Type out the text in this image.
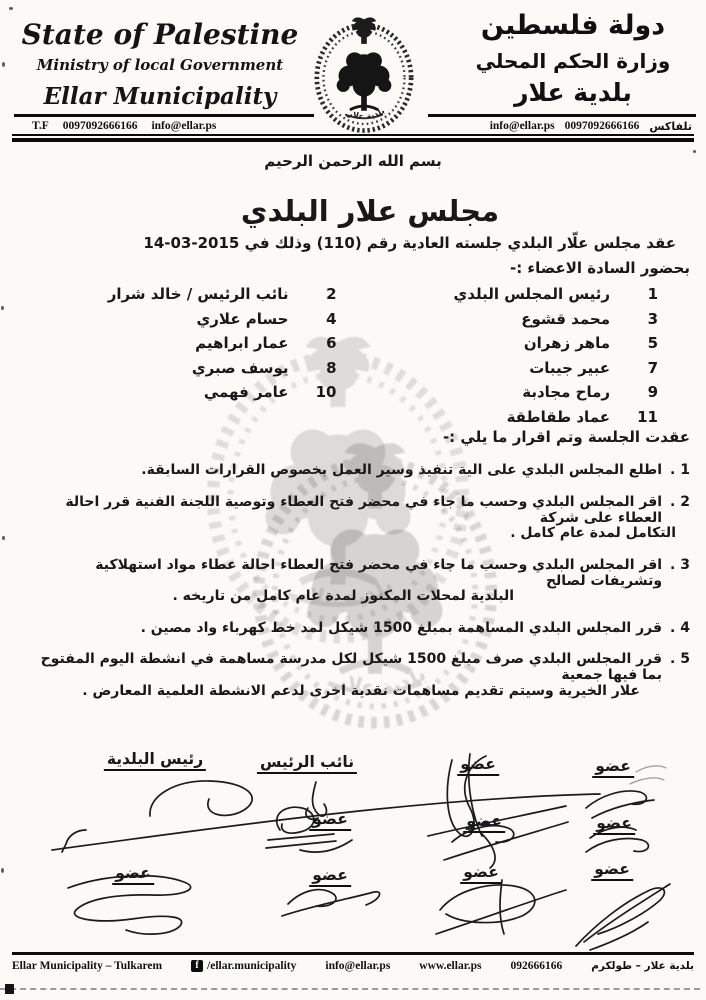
State of Palestine
Ministry of local Government
Ellar Municipality
T.F 0097092666166 info@ellar.ps
بلدية علار
دولة فلسطين
وزارة الحكم المحلي
بلدية علار
تلفاكس
0097092666166
info@ellar.ps
بسم الله الرحمن الرحيم
مجلس علار البلدي
عقد مجلس علّار البلدي جلسته العادية رقم (110) وذلك في 2015-03-14
بحضور السادة الاعضاء :-
1
رئيس المجلس البلدي
2
نائب الرئيس / خالد شرار
3
محمد قشوع
4
حسام علاري
5
ماهر زهران
6
عمار ابراهيم
7
عبير جيبات
8
يوسف صبري
9
رماح مجادبة
10
عامر فهمي
11
عماد طقاطقة
عقدت الجلسة وتم اقرار ما يلي :-
1 .
اطلع المجلس البلدي على الية تنفيذ وسير العمل بخصوص القرارات السابقة.
2 .
اقر المجلس البلدي وحسب ما جاء في محضر فتح العطاء وتوصية اللجنة الفنية قرر احالة العطاء على شركة
التكامل لمدة عام كامل .
3 .
اقر المجلس البلدي وحسب ما جاء في محضر فتح العطاء احالة عطاء مواد استهلاكية وتشريفات لصالح
البلدية لمحلات المكنوز لمدة عام كامل من تاريخه .
4 .
قرر المجلس البلدي المساهمة بمبلغ 1500 شيكل لمد خط كهرباء واد مصين .
5 .
قرر المجلس البلدي صرف مبلغ 1500 شيكل لكل مدرسة مساهمة في انشطة اليوم المفتوح بما فيها جمعية
علار الخيرية وسيتم تقديم مساهمات نقدية اخرى لدعم الانشطة العلمية المعارض .
رئيس البلدية	نائب الرئيس	عضو	عضو
عضو	عضو	عضو
عضو	عضو	عضو	عضو
Ellar Municipality – Tulkarem f	/ellar.municipality	info@ellar.ps	www.ellar.ps	092666166	بلدية علار – طولكرم
